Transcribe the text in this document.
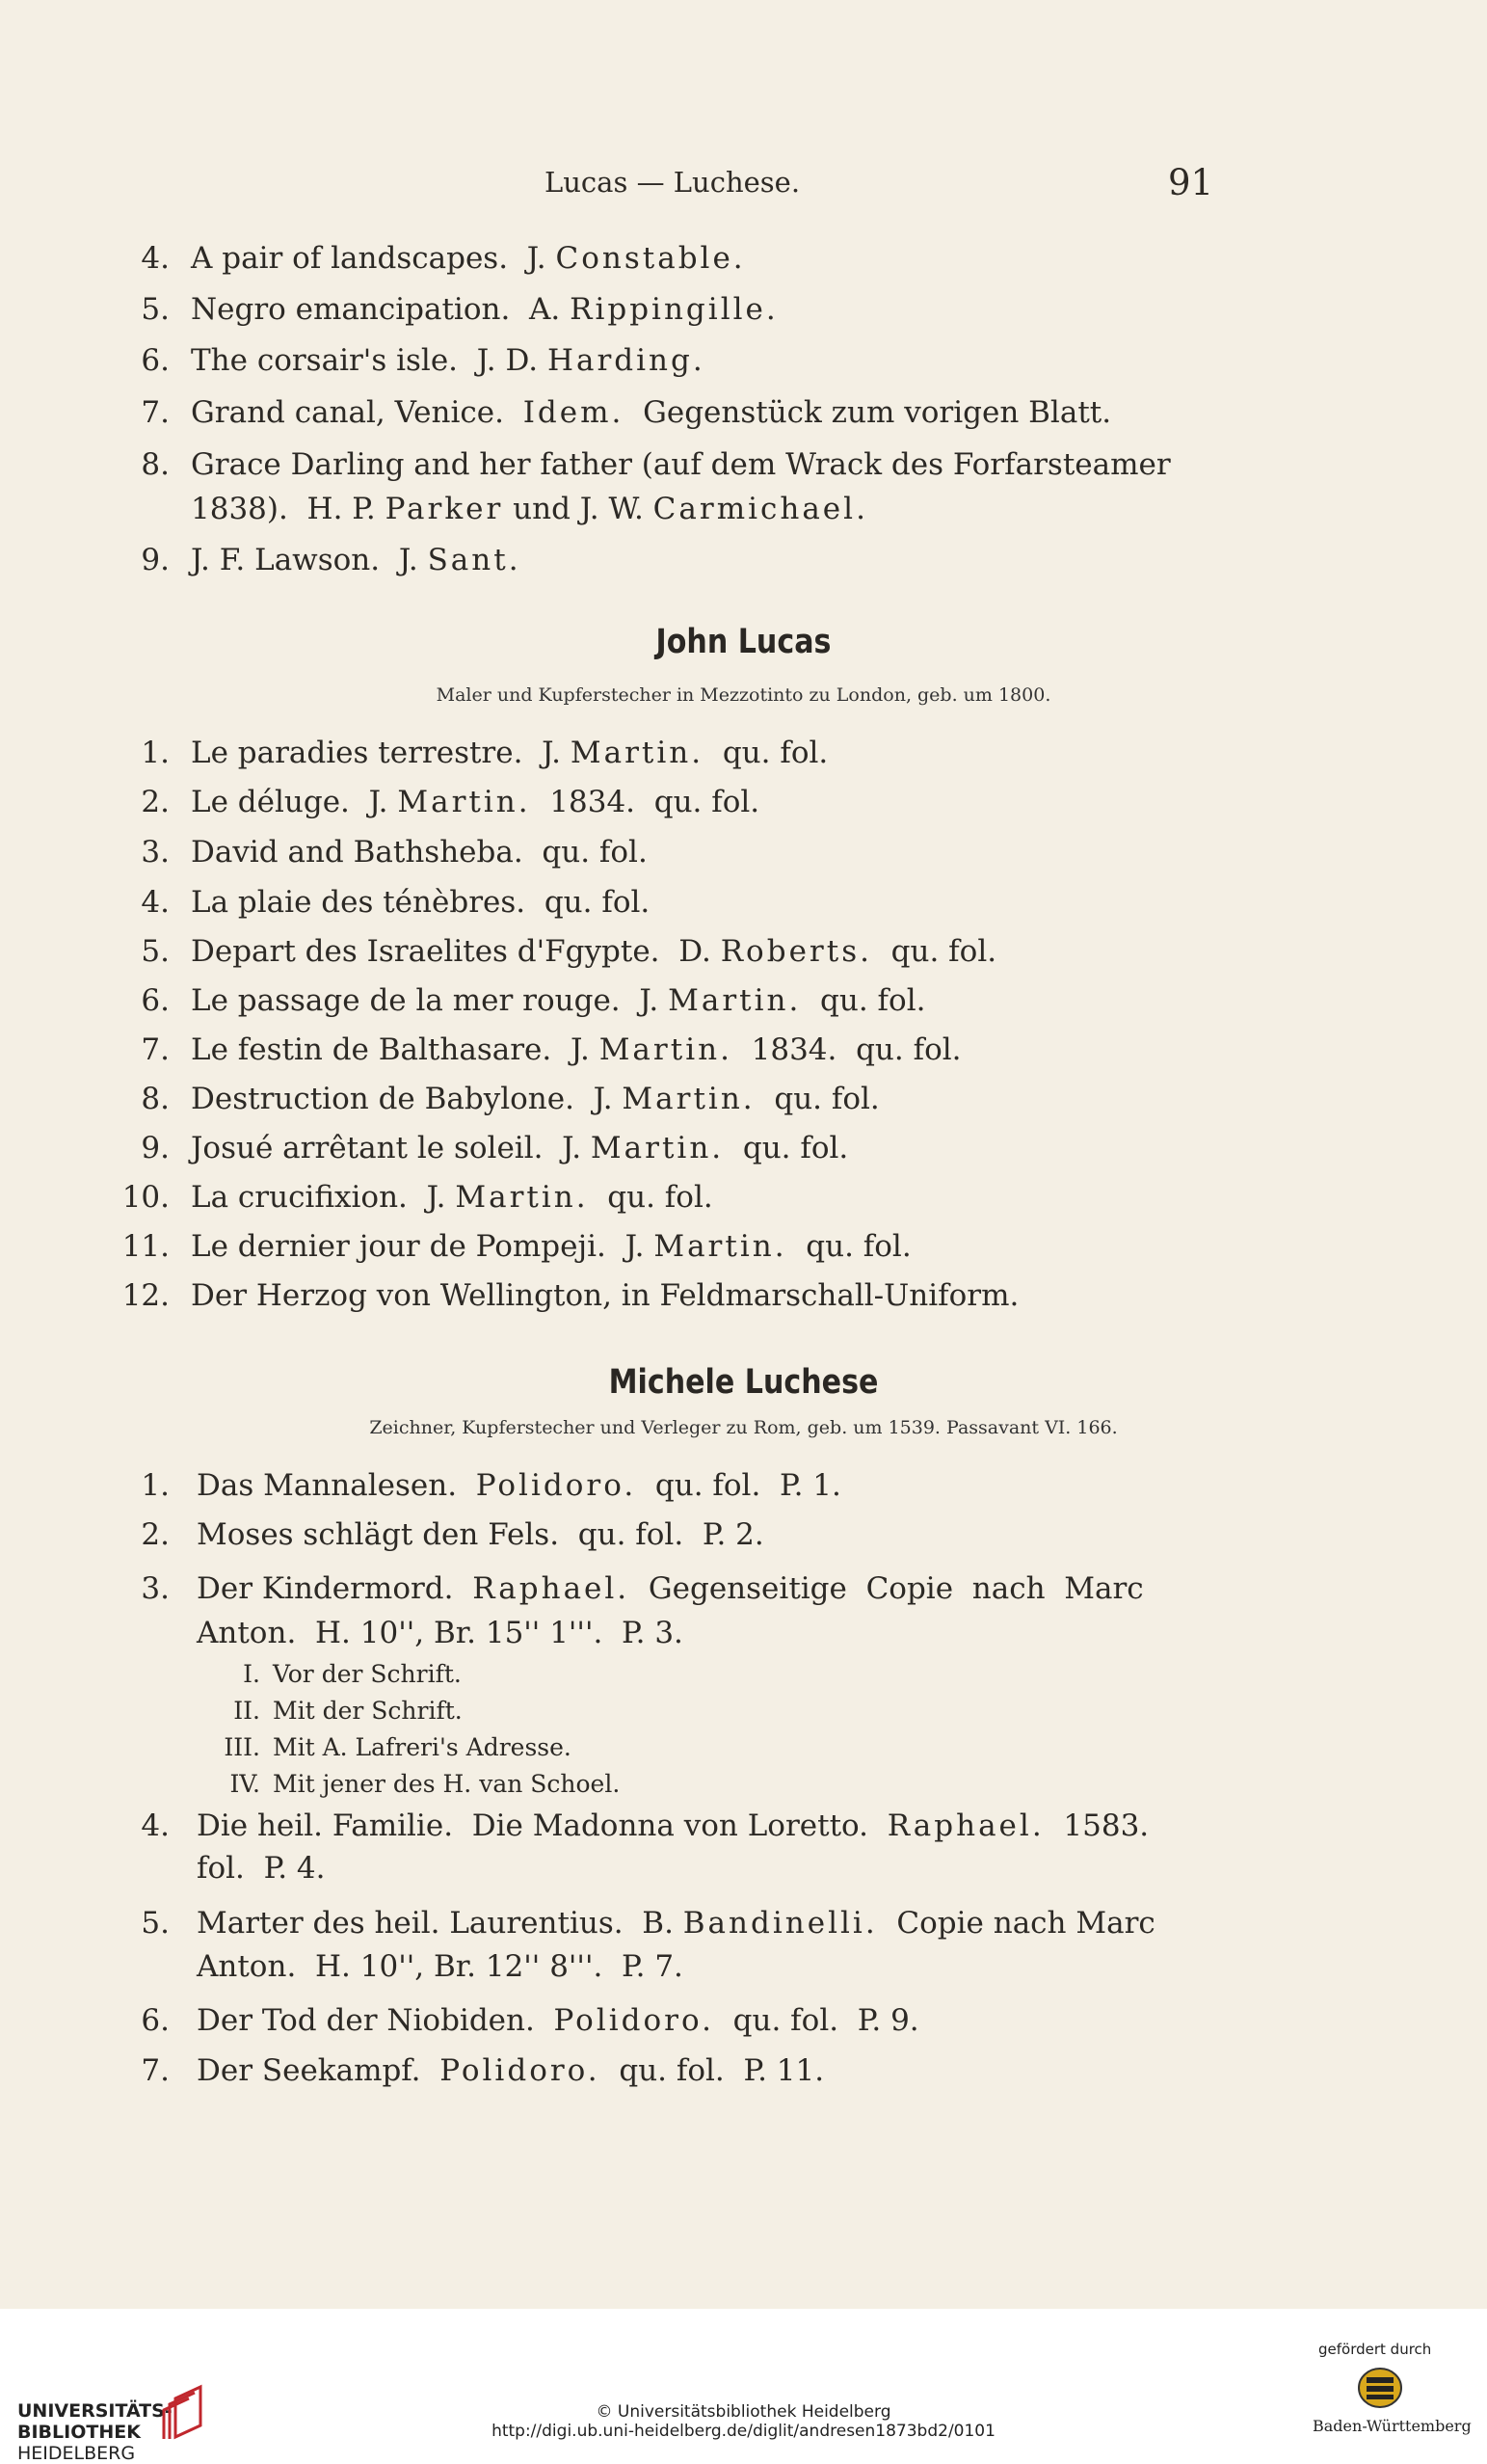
Lucas — Luchese.	91
4. A pair of landscapes.  J. Constable.
5. Negro emancipation.  A. Rippingille.
6. The corsair's isle.  J. D. Harding.
7. Grand canal, Venice.  Idem.  Gegenstück zum vorigen Blatt.
8. Grace Darling and her father (auf dem Wrack des Forfarsteamer
1838).  H. P. Parker und J. W. Carmichael.
9. J. F. Lawson.  J. Sant.
1. Le paradies terrestre.  J. Martin.  qu. fol.
2. Le déluge.  J. Martin.  1834.  qu. fol.
3. David and Bathsheba.  qu. fol.
4. La plaie des ténèbres.  qu. fol.
5. Depart des Israelites d'Fgypte.  D. Roberts.  qu. fol.
6. Le passage de la mer rouge.  J. Martin.  qu. fol.
7. Le festin de Balthasare.  J. Martin.  1834.  qu. fol.
8. Destruction de Babylone.  J. Martin.  qu. fol.
9. Josué arrêtant le soleil.  J. Martin.  qu. fol.
10. La crucifixion.  J. Martin.  qu. fol.
11. Le dernier jour de Pompeji.  J. Martin.  qu. fol.
12. Der Herzog von Wellington, in Feldmarschall-Uniform.
1. Das Mannalesen.  Polidoro.  qu. fol.  P. 1.
2. Moses schlägt den Fels.  qu. fol.  P. 2.
3. Der Kindermord.  Raphael.  Gegenseitige  Copie  nach  Marc
Anton.  H. 10'', Br. 15'' 1'''.  P. 3.
4. Die heil. Familie.  Die Madonna von Loretto.  Raphael.  1583.
fol.  P. 4.
5. Marter des heil. Laurentius.  B. Bandinelli.  Copie nach Marc
Anton.  H. 10'', Br. 12'' 8'''.  P. 7.
6. Der Tod der Niobiden.  Polidoro.  qu. fol.  P. 9.
7. Der Seekampf.  Polidoro.  qu. fol.  P. 11.
I. Vor der Schrift.
II. Mit der Schrift.
III. Mit A. Lafreri's Adresse.
IV. Mit jener des H. van Schoel.
John Lucas
Maler und Kupferstecher in Mezzotinto zu London, geb. um 1800.
Michele Luchese
Zeichner, Kupferstecher und Verleger zu Rom, geb. um 1539. Passavant VI. 166.
UNIVERSITÄTS-
BIBLIOTHEK
HEIDELBERG
© Universitätsbibliothek Heidelberg
http://digi.ub.uni-heidelberg.de/diglit/andresen1873bd2/0101
gefördert durch
Baden-Württemberg
